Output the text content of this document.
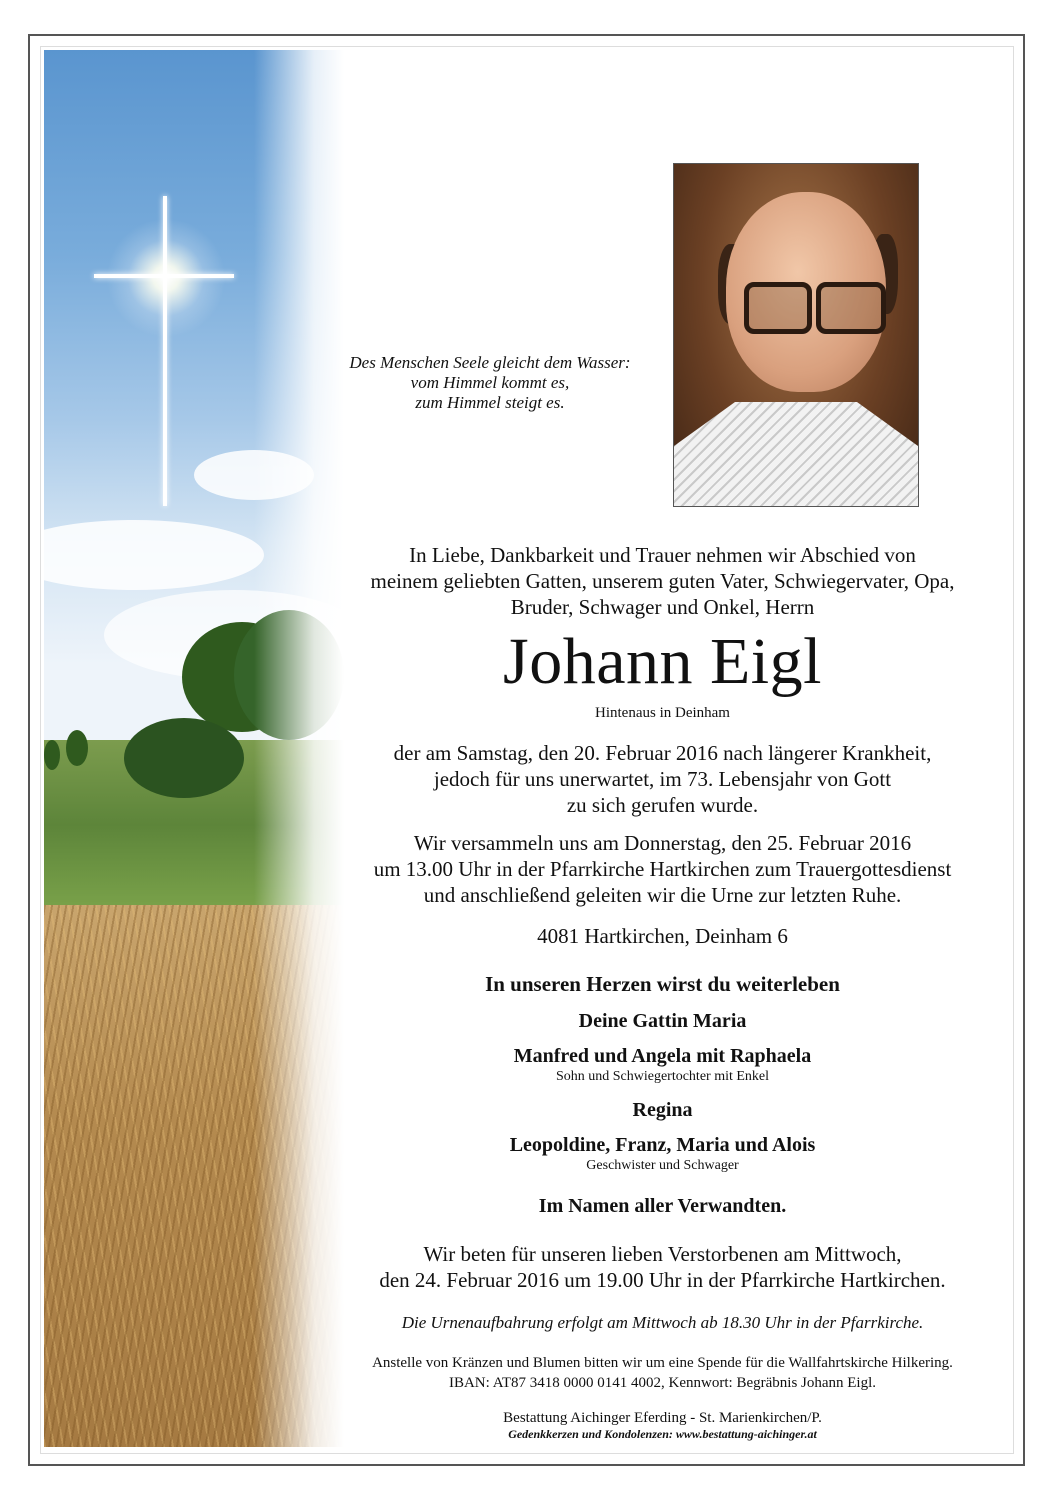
Des Menschen Seele gleicht dem Wasser:
vom Himmel kommt es,
zum Himmel steigt es.
In Liebe, Dankbarkeit und Trauer nehmen wir Abschied von
meinem geliebten Gatten, unserem guten Vater, Schwiegervater, Opa,
Bruder, Schwager und Onkel, Herrn
Johann Eigl
Hintenaus in Deinham
der am Samstag, den 20. Februar 2016 nach längerer Krankheit,
jedoch für uns unerwartet, im 73. Lebensjahr von Gott
zu sich gerufen wurde.
Wir versammeln uns am Donnerstag, den 25. Februar 2016
um 13.00 Uhr in der Pfarrkirche Hartkirchen zum Trauergottesdienst
und anschließend geleiten wir die Urne zur letzten Ruhe.
4081 Hartkirchen, Deinham 6
In unseren Herzen wirst du weiterleben
Deine Gattin Maria
Manfred und Angela mit Raphaela
Sohn und Schwiegertochter mit Enkel
Regina
Leopoldine, Franz, Maria und Alois
Geschwister und Schwager
Im Namen aller Verwandten.
Wir beten für unseren lieben Verstorbenen am Mittwoch,
den 24. Februar 2016 um 19.00 Uhr in der Pfarrkirche Hartkirchen.
Die Urnenaufbahrung erfolgt am Mittwoch ab 18.30 Uhr in der Pfarrkirche.
Anstelle von Kränzen und Blumen bitten wir um eine Spende für die Wallfahrtskirche Hilkering.
IBAN: AT87 3418 0000 0141 4002, Kennwort: Begräbnis Johann Eigl.
Bestattung Aichinger Eferding - St. Marienkirchen/P.
Gedenkkerzen und Kondolenzen: www.bestattung-aichinger.at
